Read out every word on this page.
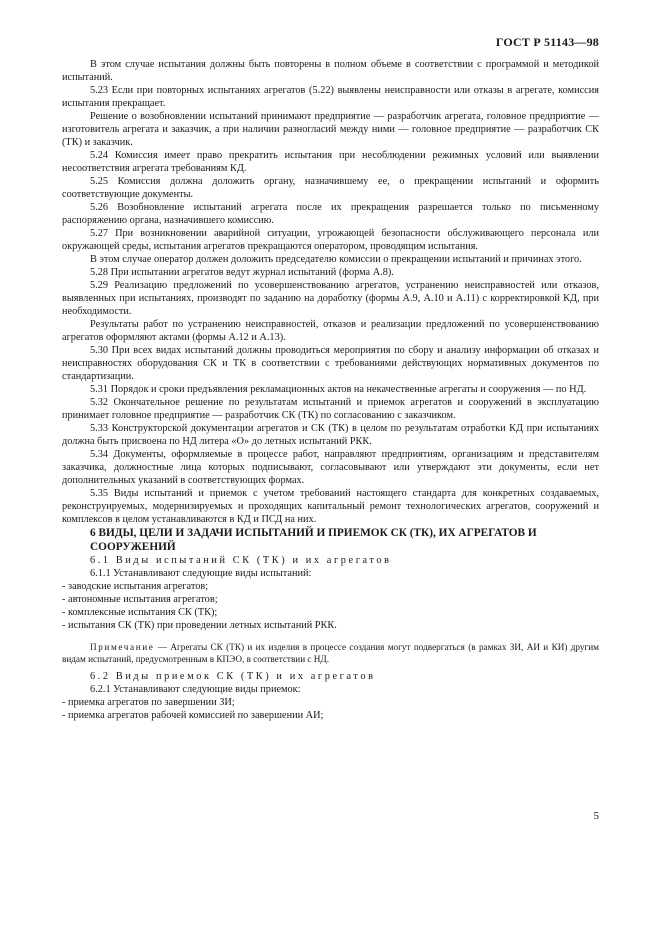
ГОСТ Р 51143—98

В этом случае испытания должны быть повторены в полном объеме в соответствии с программой и методикой испытаний.

5.23 Если при повторных испытаниях агрегатов (5.22) выявлены неисправности или отказы в агрегате, комиссия испытания прекращает.

Решение о возобновлении испытаний принимают предприятие — разработчик агрегата, головное предприятие — изготовитель агрегата и заказчик, а при наличии разногласий между ними — головное предприятие — разработчик СК (ТК) и заказчик.

5.24 Комиссия имеет право прекратить испытания при несоблюдении режимных условий или выявлении несоответствия агрегата требованиям КД.

5.25 Комиссия должна доложить органу, назначившему ее, о прекращении испытаний и оформить соответствующие документы.

5.26 Возобновление испытаний агрегата после их прекращения разрешается только по письменному распоряжению органа, назначившего комиссию.

5.27 При возникновении аварийной ситуации, угрожающей безопасности обслуживающего персонала или окружающей среды, испытания агрегатов прекращаются оператором, проводящим испытания.

В этом случае оператор должен доложить председателю комиссии о прекращении испытаний и причинах этого.

5.28 При испытании агрегатов ведут журнал испытаний (форма А.8).

5.29 Реализацию предложений по усовершенствованию агрегатов, устранению неисправностей или отказов, выявленных при испытаниях, производят по заданию на доработку (формы А.9, А.10 и А.11) с корректировкой КД, при необходимости.

Результаты работ по устранению неисправностей, отказов и реализации предложений по усовершенствованию агрегатов оформляют актами (формы А.12 и А.13).

5.30 При всех видах испытаний должны проводиться мероприятия по сбору и анализу информации об отказах и неисправностях оборудования СК и ТК в соответствии с требованиями действующих нормативных документов по стандартизации.

5.31 Порядок и сроки предъявления рекламационных актов на некачественные агрегаты и сооружения — по НД.

5.32 Окончательное решение по результатам испытаний и приемок агрегатов и сооружений в эксплуатацию принимает головное предприятие — разработчик СК (ТК) по согласованию с заказчиком.

5.33 Конструкторской документации агрегатов и СК (ТК) в целом по результатам отработки КД при испытаниях должна быть присвоена по НД литера «О» до летных испытаний РКК.

5.34 Документы, оформляемые в процессе работ, направляют предприятиям, организациям и представителям заказчика, должностные лица которых подписывают, согласовывают или утверждают эти документы, если нет дополнительных указаний в соответствующих формах.

5.35 Виды испытаний и приемок с учетом требований настоящего стандарта для конкретных создаваемых, реконструируемых, модернизируемых и проходящих капитальный ремонт технологических агрегатов, сооружений и комплексов в целом устанавливаются в КД и ПСД на них.

6 ВИДЫ, ЦЕЛИ И ЗАДАЧИ ИСПЫТАНИЙ И ПРИЕМОК СК (ТК), ИХ АГРЕГАТОВ И СООРУЖЕНИЙ

6.1 Виды испытаний СК (ТК) и их агрегатов

6.1.1 Устанавливают следующие виды испытаний:

- заводские испытания агрегатов;
- автономные испытания агрегатов;
- комплексные испытания СК (ТК);
- испытания СК (ТК) при проведении летных испытаний РКК.

Примечание — Агрегаты СК (ТК) и их изделия в процессе создания могут подвергаться (в рамках ЗИ, АИ и КИ) другим видам испытаний, предусмотренным в КПЭО, в соответствии с НД.

6.2 Виды приемок СК (ТК) и их агрегатов

6.2.1 Устанавливают следующие виды приемок:

- приемка агрегатов по завершении ЗИ;
- приемка агрегатов рабочей комиссией по завершении АИ;
5
